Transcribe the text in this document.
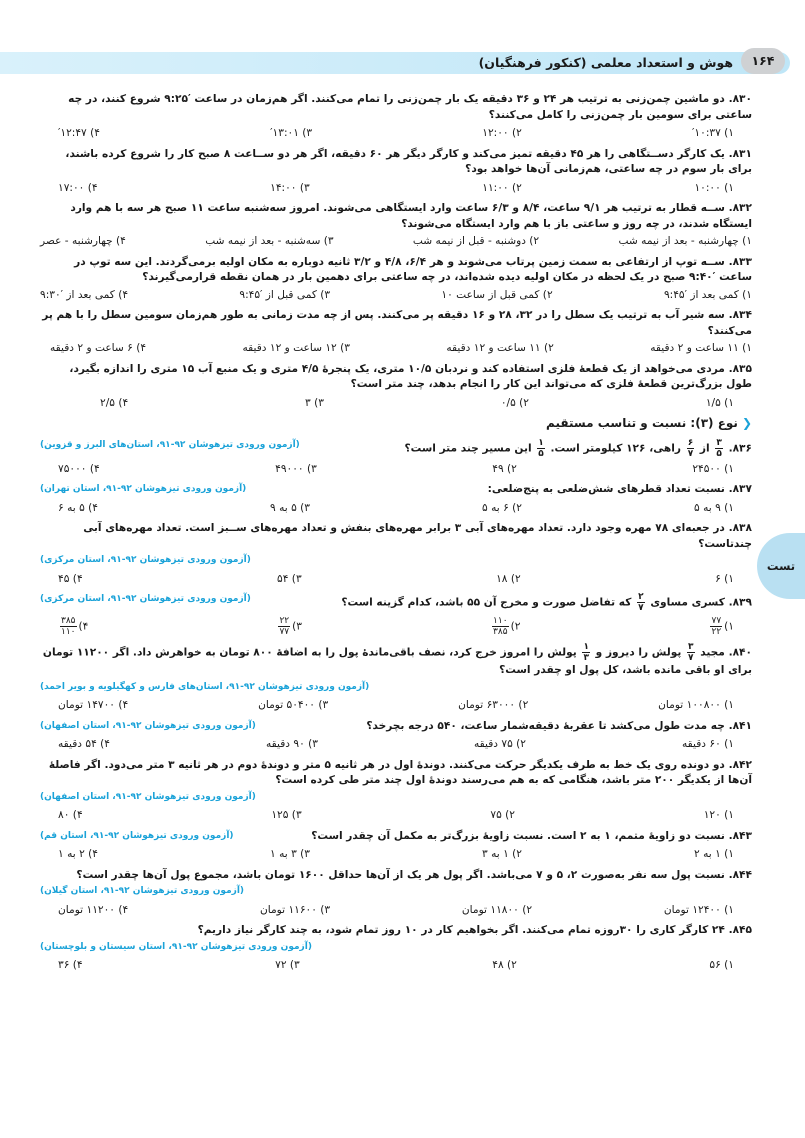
۱۶۴
هوش و استعداد معلمی (کنکور فرهنگیان)
تست
۸۳۰. دو ماشین چمن‌زنی به ترتیب هر ۲۴ و ۳۶ دقیقه یک بار چمن‌زنی را تمام می‌کنند. اگر هم‌زمان در ساعت ′۹:۲۵ شروع کنند، در چه ساعتی برای سومین بار چمن‌زنی را کامل می‌کنند؟
۱) ′۱۰:۳۷
۲) ۱۲:۰۰
۳) ′۱۳:۰۱
۴) ′۱۲:۴۷
۸۳۱. یک کارگر دســتگاهی را هر ۴۵ دقیقه تمیز می‌کند و کارگر دیگر هر ۶۰ دقیقه، اگر هر دو ســاعت ۸ صبح کار را شروع کرده باشند، برای بار سوم در چه ساعتی، هم‌زمانی آن‌ها خواهد بود؟
۱) ۱۰:۰۰
۲) ۱۱:۰۰
۳) ۱۴:۰۰
۴) ۱۷:۰۰
۸۳۲. ســه قطار به ترتیب هر ۹/۱ ساعت، ۸/۴ و ۶/۳ ساعت وارد ایستگاهی می‌شوند. امروز سه‌شنبه ساعت ۱۱ صبح هر سه با هم وارد ایستگاه شدند، در چه روز و ساعتی باز با هم وارد ایستگاه می‌شوند؟
۱) چهارشنبه - بعد از نیمه شب
۲) دوشنبه - قبل از نیمه شب
۳) سه‌شنبه - بعد از نیمه شب
۴) چهارشنبه - عصر
۸۳۳. ســه توپ از ارتفاعی به سمت زمین پرتاب می‌شوند و هر ۶/۴، ۴/۸ و ۳/۲ ثانیه دوباره به مکان اولیه برمی‌گردند. این سه توپ در ساعت ′۹:۴۰ صبح در یک لحظه در مکان اولیه دیده شده‌اند، در چه ساعتی برای دهمین بار در همان نقطه قرارمی‌گیرند؟
۱) کمی بعد از ′۹:۴۵
۲) کمی قبل از ساعت ۱۰
۳) کمی قبل از ′۹:۴۵
۴) کمی بعد از ′۹:۳۰
۸۳۴. سه شیر آب به ترتیب یک سطل را در ۳۲، ۲۸ و ۱۶ دقیقه پر می‌کنند. پس از چه مدت زمانی به طور هم‌زمان سومین سطل را با هم پر می‌کنند؟
۱) ۱۱ ساعت و ۲ دقیقه
۲) ۱۱ ساعت و ۱۲ دقیقه
۳) ۱۲ ساعت و ۱۲ دقیقه
۴) ۶ ساعت و ۲ دقیقه
۸۳۵. مردی می‌خواهد از یک قطعهٔ فلزی استفاده کند و نردبان ۱۰/۵ متری، یک پنجرهٔ ۴/۵ متری و یک منبع آب ۱۵ متری را اندازه بگیرد، طول بزرگ‌ترین قطعهٔ فلزی که می‌تواند این کار را انجام بدهد، چند متر است؟
۱) ۱/۵
۲) ۰/۵
۳) ۳
۴) ۲/۵
❮نوع (۳): نسبت و تناسب مستقیم
۸۳۶.
$\frac{۳}{۵}$
از
$\frac{۶}{۷}$
راهی، ۱۲۶ کیلومتر است.
$\frac{۱}{۵}$
این مسیر چند متر است؟
(آزمون ورودی تیزهوشان ۹۲-۹۱، استان‌های البرز و قزوین)
۱) ۲۴۵۰۰
۲) ۴۹
۳) ۴۹۰۰۰
۴) ۷۵۰۰۰
۸۳۷. نسبت تعداد قطرهای شش‌ضلعی به پنج‌ضلعی:
(آزمون ورودی تیزهوشان ۹۲-۹۱، استان تهران)
۱) ۹ به ۵
۲) ۶ به ۵
۳) ۵ به ۹
۴) ۵ به ۶
۸۳۸. در جعبه‌ای ۷۸ مهره وجود دارد. تعداد مهره‌های آبی ۳ برابر مهره‌های بنفش و تعداد مهره‌های ســبز است. تعداد مهره‌های آبی چندتاست؟
(آزمون ورودی تیزهوشان ۹۲-۹۱، استان مرکزی)
۱) ۶
۲) ۱۸
۳) ۵۴
۴) ۴۵
۸۳۹. کسری مساوی
$\frac{۲}{۷}$
که تفاضل صورت و مخرج آن ۵۵ باشد، کدام گزینه است؟
(آزمون ورودی تیزهوشان ۹۲-۹۱، استان مرکزی)
۱)
$\frac{۷۷}{۲۲}$
۲)
$\frac{۱۱۰}{۳۸۵}$
۳)
$\frac{۲۲}{۷۷}$
۴)
$\frac{۳۸۵}{۱۱۰}$
۸۴۰. مجید
$\frac{۳}{۷}$
پولش را دیروز و
$\frac{۱}{۳}$
پولش را امروز خرج کرد، نصف باقی‌ماندهٔ پول را به اضافهٔ ۸۰۰ تومان به خواهرش داد. اگر ۱۱۲۰۰ تومان برای او باقی مانده باشد، کل پول او چقدر است؟
(آزمون ورودی تیزهوشان ۹۲-۹۱، استان‌های فارس و کهگیلویه و بویر احمد)
۱) ۱۰۰۸۰۰ تومان
۲) ۶۳۰۰۰ تومان
۳) ۵۰۴۰۰ تومان
۴) ۱۴۷۰۰ تومان
۸۴۱. چه مدت طول می‌کشد تا عقربهٔ دقیقه‌شمار ساعت، ۵۴۰ درجه بچرخد؟
(آزمون ورودی تیزهوشان ۹۲-۹۱، استان اصفهان)
۱) ۶۰ دقیقه
۲) ۷۵ دقیقه
۳) ۹۰ دقیقه
۴) ۵۴ دقیقه
۸۴۲. دو دونده روی یک خط به طرف یکدیگر حرکت می‌کنند. دوندهٔ اول در هر ثانیه ۵ متر و دوندهٔ دوم در هر ثانیه ۳ متر می‌دود. اگر فاصلهٔ آن‌ها از یکدیگر ۲۰۰ متر باشد، هنگامی که به هم می‌رسند دوندهٔ اول چند متر طی کرده است؟
(آزمون ورودی تیزهوشان ۹۲-۹۱، استان اصفهان)
۱) ۱۲۰
۲) ۷۵
۳) ۱۲۵
۴) ۸۰
۸۴۳. نسبت دو زاویهٔ متمم، ۱ به ۲ است. نسبت زاویهٔ بزرگ‌تر به مکمل آن چقدر است؟
(آزمون ورودی تیزهوشان ۹۲-۹۱، استان قم)
۱) ۱ به ۲
۲) ۱ به ۳
۳) ۳ به ۱
۴) ۲ به ۱
۸۴۴. نسبت پول سه نفر به‌صورت ۲، ۵ و ۷ می‌باشد. اگر پول هر یک از آن‌ها حداقل ۱۶۰۰ تومان باشد، مجموع پول آن‌ها چقدر است؟
(آزمون ورودی تیزهوشان ۹۲-۹۱، استان گیلان)
۱) ۱۲۴۰۰ تومان
۲) ۱۱۸۰۰ تومان
۳) ۱۱۶۰۰ تومان
۴) ۱۱۲۰۰ تومان
۸۴۵. ۲۴ کارگر کاری را ۳۰روزه تمام می‌کنند. اگر بخواهیم کار در ۱۰ روز تمام شود، به چند کارگر نیاز داریم؟
(آزمون ورودی تیزهوشان ۹۲-۹۱، استان سیستان و بلوچستان)
۱) ۵۶
۲) ۴۸
۳) ۷۲
۴) ۳۶
